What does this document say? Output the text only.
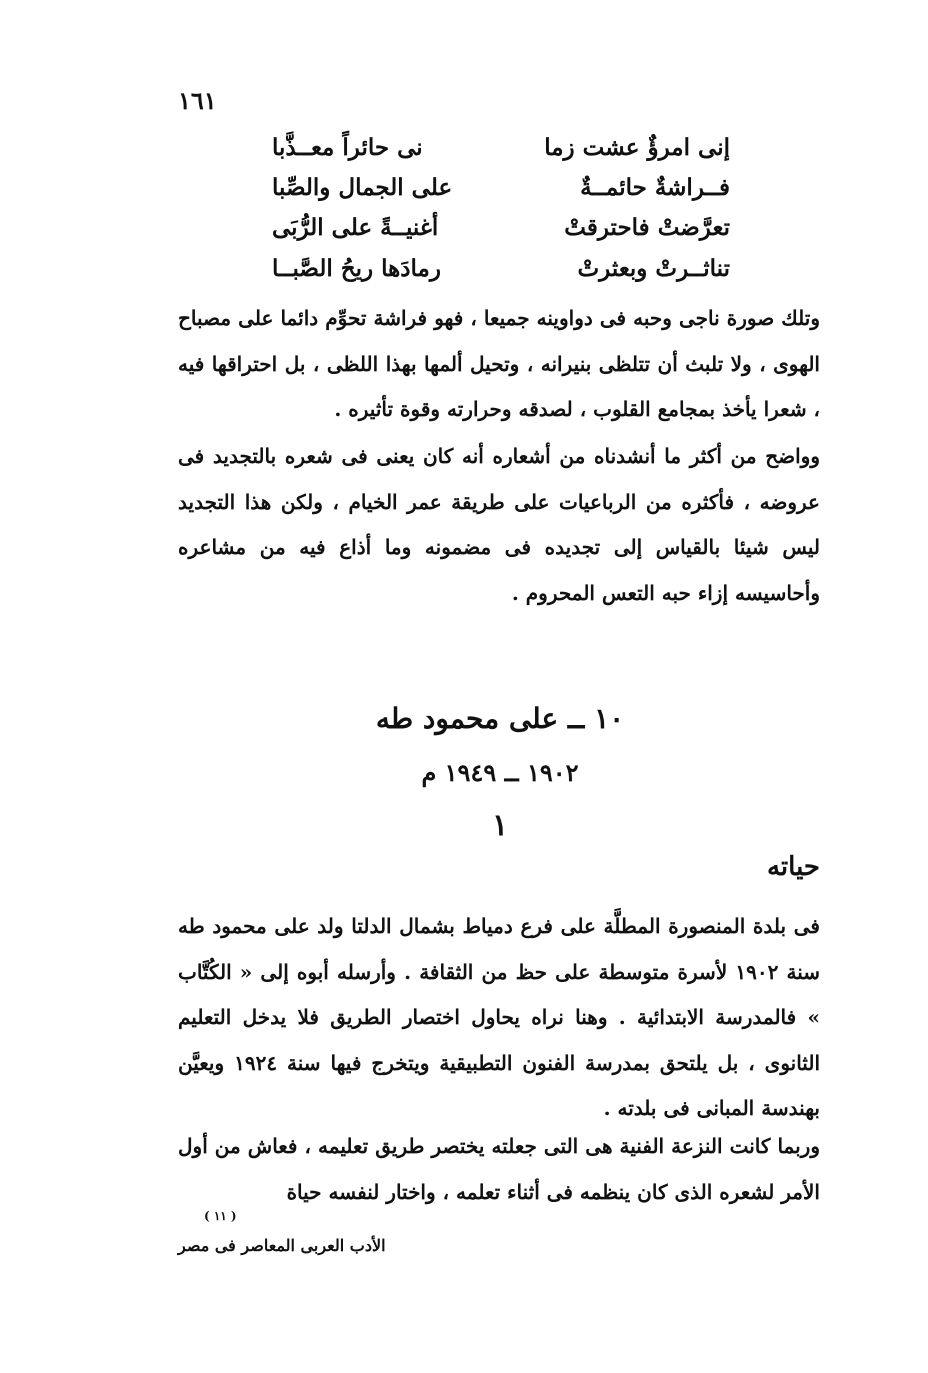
١٦١
إنى امرؤٌ عشت زما
نى حائراً معــذَّبا
فــراشةٌ حائمــةٌ
على الجمال والصِّبا
تعرَّضتْ فاحترقتْ
أغنيــةً على الرُّبَى
تناثــرتْ وبعثرتْ
رمادَها ريحُ الصَّبــا

وتلك صورة ناجى وحبه فى دواوينه جميعا ، فهو فراشة تحوِّم دائما على مصباح الهوى ، ولا تلبث أن تتلظى بنيرانه ، وتحيل ألمها بهذا اللظى ، بل احتراقها فيه ، شعرا يأخذ بمجامع القلوب ، لصدقه وحرارته وقوة تأثيره .

وواضح من أكثر ما أنشدناه من أشعاره أنه كان يعنى فى شعره بالتجديد فى عروضه ، فأكثره من الرباعيات على طريقة عمر الخيام ، ولكن هذا التجديد ليس شيئا بالقياس إلى تجديده فى مضمونه وما أذاع فيه من مشاعره وأحاسيسه إزاء حبه التعس المحروم .

١٠ ــ على محمود طه
١٩٠٢ ــ ١٩٤٩ م
١
حياته

فى بلدة المنصورة المطلَّة على فرع دمياط بشمال الدلتا ولد على محمود طه سنة ١٩٠٢ لأسرة متوسطة على حظ من الثقافة . وأرسله أبوه إلى « الكُتَّاب » فالمدرسة الابتدائية . وهنا نراه يحاول اختصار الطريق فلا يدخل التعليم الثانوى ، بل يلتحق بمدرسة الفنون التطبيقية ويتخرج فيها سنة ١٩٢٤ ويعيَّن بهندسة المبانى فى بلدته .

وربما كانت النزعة الفنية هى التى جعلته يختصر طريق تعليمه ، فعاش من أول الأمر لشعره الذى كان ينظمه فى أثناء تعلمه ، واختار لنفسه حياة

( ١١ )
الأدب العربى المعاصر فى مصر
